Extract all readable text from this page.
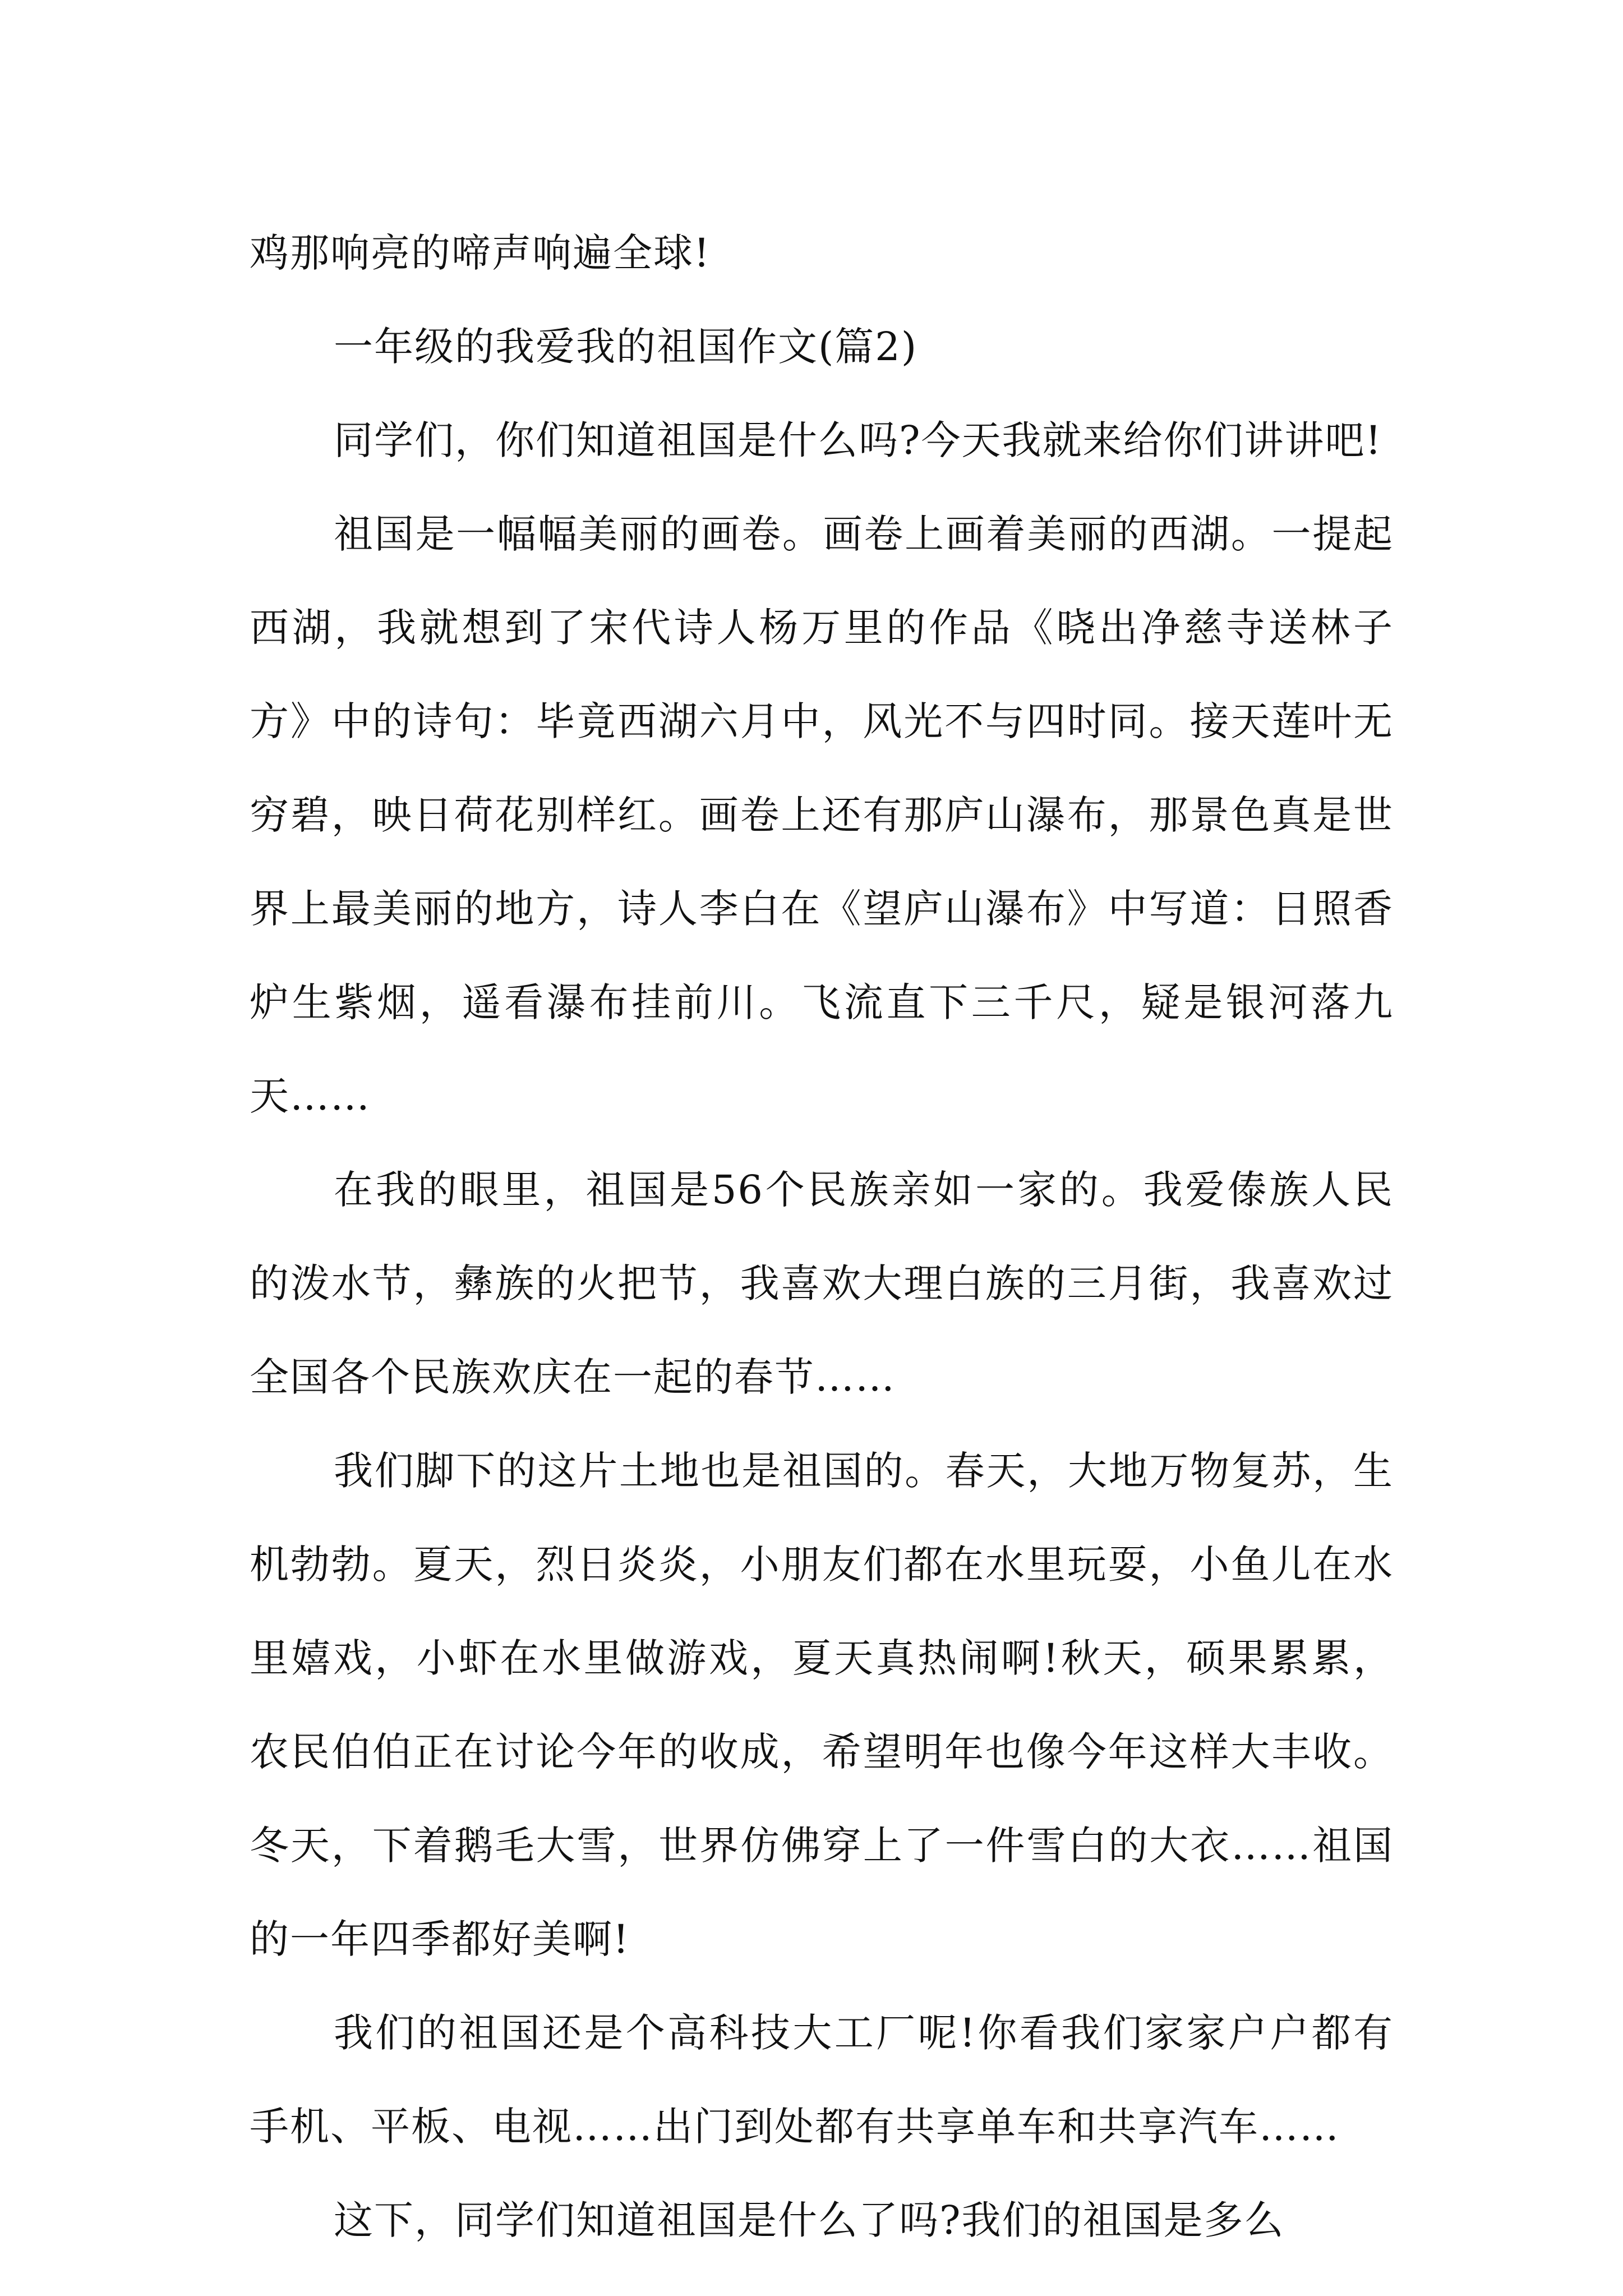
鸡那响亮的啼声响遍全球!

一年级的我爱我的祖国作文(篇2)

同学们，你们知道祖国是什么吗?今天我就来给你们讲讲吧!

祖国是一幅幅美丽的画卷。画卷上画着美丽的西湖。一提起西湖，我就想到了宋代诗人杨万里的作品《晓出净慈寺送林子方》中的诗句：毕竟西湖六月中，风光不与四时同。接天莲叶无穷碧，映日荷花别样红。画卷上还有那庐山瀑布，那景色真是世界上最美丽的地方，诗人李白在《望庐山瀑布》中写道：日照香炉生紫烟，遥看瀑布挂前川。飞流直下三千尺，疑是银河落九天……

在我的眼里，祖国是56个民族亲如一家的。我爱傣族人民的泼水节，彝族的火把节，我喜欢大理白族的三月街，我喜欢过全国各个民族欢庆在一起的春节……

我们脚下的这片土地也是祖国的。春天，大地万物复苏，生机勃勃。夏天，烈日炎炎，小朋友们都在水里玩耍，小鱼儿在水里嬉戏，小虾在水里做游戏，夏天真热闹啊!秋天，硕果累累，农民伯伯正在讨论今年的收成，希望明年也像今年这样大丰收。冬天，下着鹅毛大雪，世界仿佛穿上了一件雪白的大衣……祖国的一年四季都好美啊!

我们的祖国还是个高科技大工厂呢!你看我们家家户户都有手机、平板、电视……出门到处都有共享单车和共享汽车……

这下，同学们知道祖国是什么了吗?我们的祖国是多么
